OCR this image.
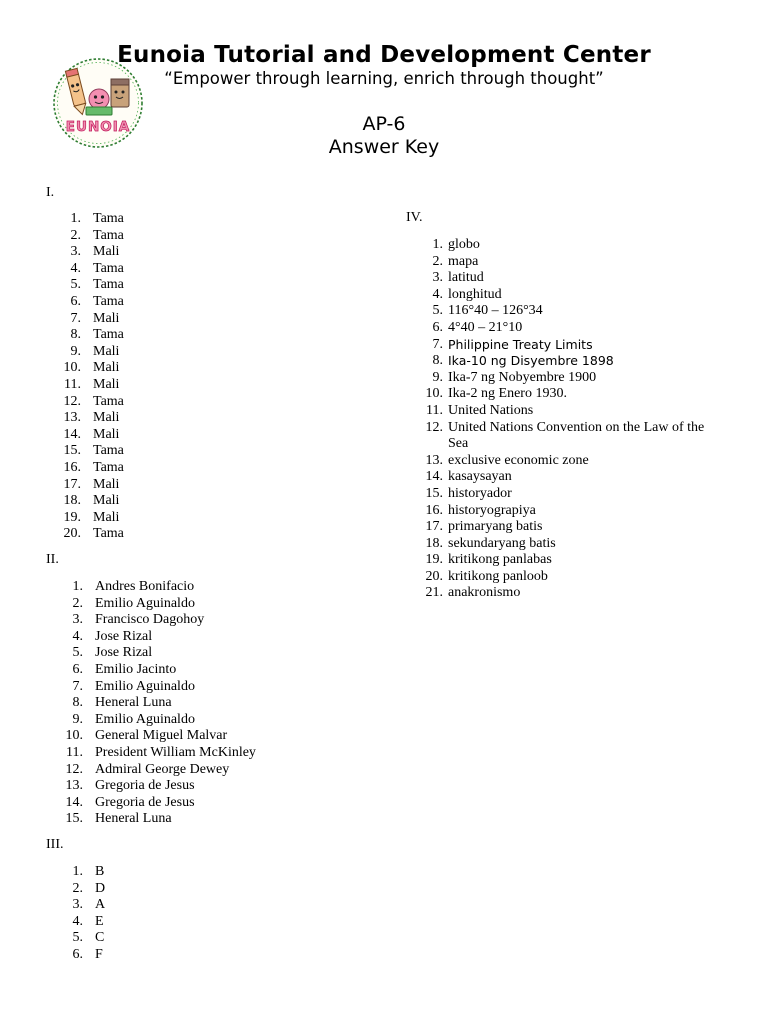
Eunoia Tutorial and Development Center
“Empower through learning, enrich through thought”
EUNOIA	AP-6
Answer Key
I.
1. Tama
2. Tama
3. Mali
4. Tama
5. Tama
6. Tama
7. Mali
8. Tama
9. Mali
10. Mali
11. Mali
12. Tama
13. Mali
14. Mali
15. Tama
16. Tama
17. Mali
18. Mali
19. Mali
20. Tama
II.
1. Andres Bonifacio
2. Emilio Aguinaldo
3. Francisco Dagohoy
4. Jose Rizal
5. Jose Rizal
6. Emilio Jacinto
7. Emilio Aguinaldo
8. Heneral Luna
9. Emilio Aguinaldo
10. General Miguel Malvar
11. President William McKinley
12. Admiral George Dewey
13. Gregoria de Jesus
14. Gregoria de Jesus
15. Heneral Luna
III.
1. B
2. D
3. A
4. E
5. C
6. F
IV.
1. globo
2. mapa
3. latitud
4. longhitud
5. 116°40 – 126°34
6. 4°40 – 21°10
7. Philippine Treaty Limits
8. Ika-10 ng Disyembre 1898
9. Ika-7 ng Nobyembre 1900
10. Ika-2 ng Enero 1930.
11. United Nations
12. United Nations Convention on the Law of the Sea
13. exclusive economic zone
14. kasaysayan
15. historyador
16. historyograpiya
17. primaryang batis
18. sekundaryang batis
19. kritikong panlabas
20. kritikong panloob
21. anakronismo
